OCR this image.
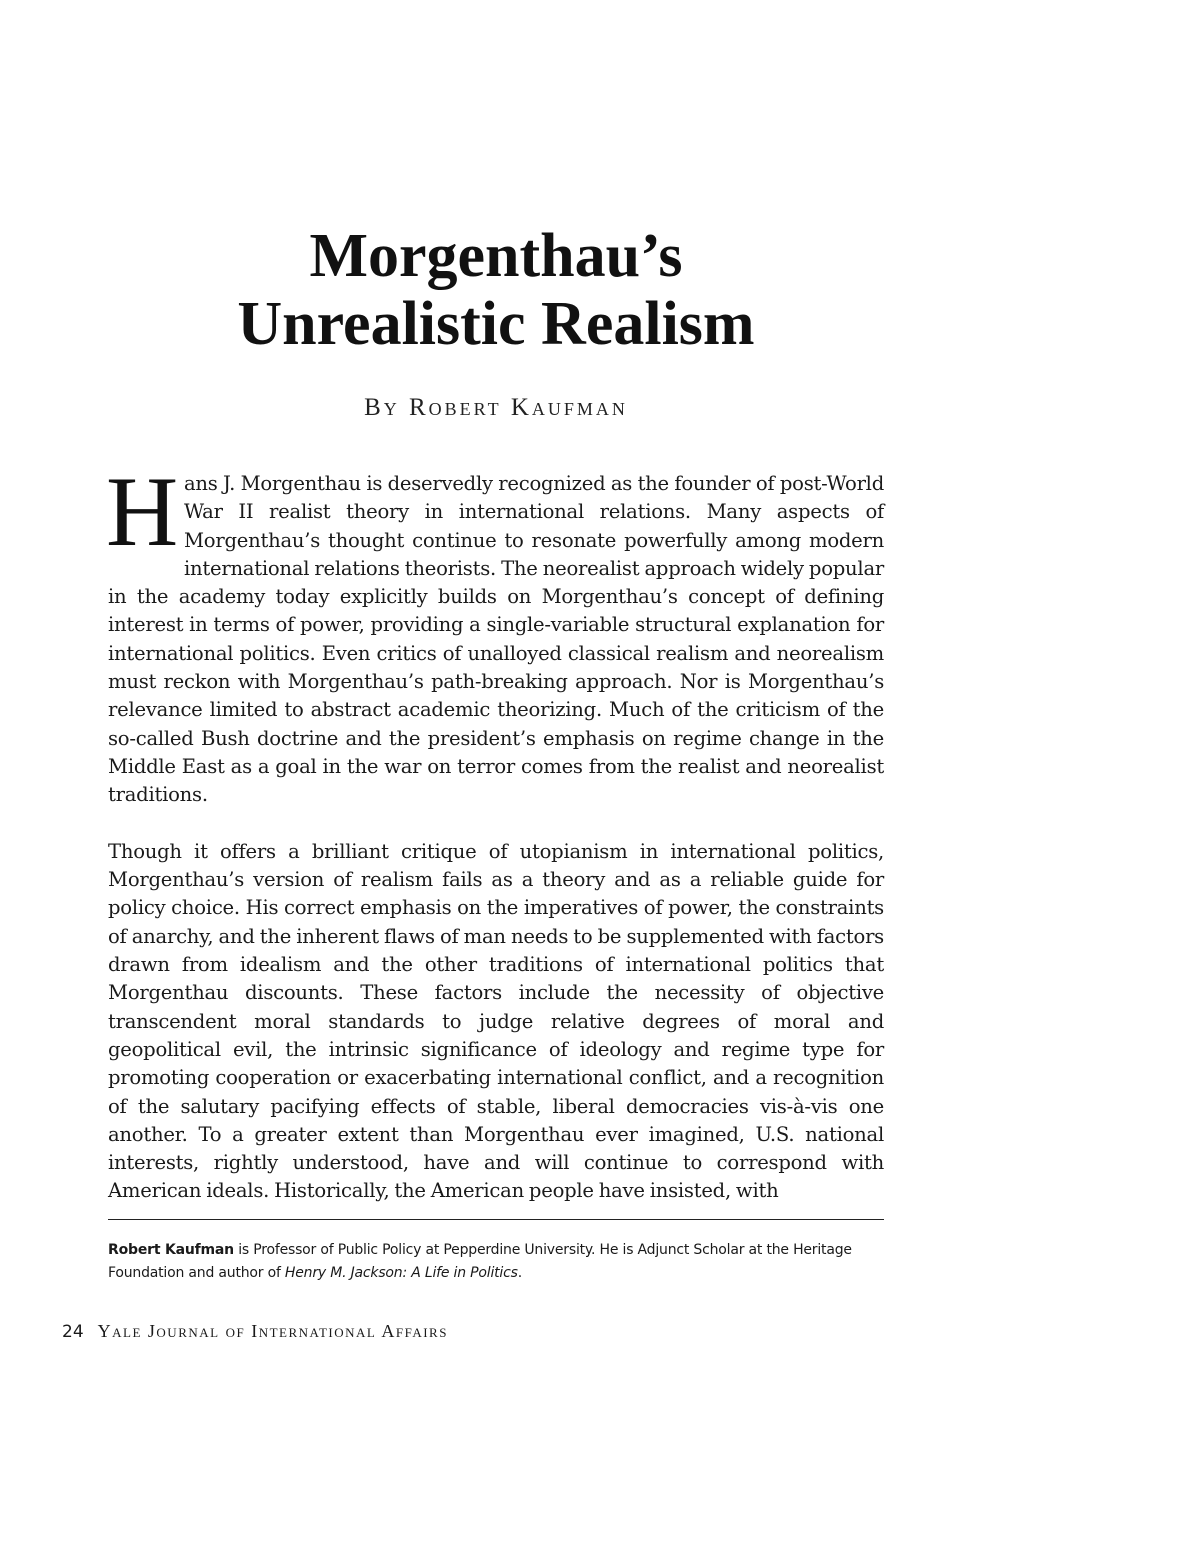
Morgenthau’s
Unrealistic Realism

By Robert Kaufman

Hans J. Morgenthau is deservedly recognized as the founder of post-World War II realist theory in international relations. Many aspects of Morgenthau’s thought continue to resonate powerfully among modern international relations theorists. The neorealist approach widely popular in the academy today explicitly builds on Morgenthau’s concept of defining interest in terms of power, providing a single-variable structural explanation for international politics. Even critics of unalloyed classical realism and neorealism must reckon with Morgenthau’s path-breaking approach. Nor is Morgenthau’s relevance limited to abstract academic theorizing. Much of the criticism of the so-called Bush doctrine and the president’s emphasis on regime change in the Middle East as a goal in the war on terror comes from the realist and neorealist traditions.

Though it offers a brilliant critique of utopianism in international politics, Morgenthau’s version of realism fails as a theory and as a reliable guide for policy choice. His correct emphasis on the imperatives of power, the constraints of anarchy, and the inherent flaws of man needs to be supplemented with factors drawn from idealism and the other traditions of international politics that Morgenthau discounts. These factors include the necessity of objective transcendent moral standards to judge relative degrees of moral and geopolitical evil, the intrinsic significance of ideology and regime type for promoting cooperation or exacerbating international conflict, and a recognition of the salutary pacifying effects of stable, liberal democracies vis-à-vis one another. To a greater extent than Morgenthau ever imagined, U.S. national interests, rightly understood, have and will continue to correspond with American ideals. Historically, the American people have insisted, with

Robert Kaufman is Professor of Public Policy at Pepperdine University. He is Adjunct Scholar at the Heritage Foundation and author of Henry M. Jackson: A Life in Politics.

24 Yale Journal of International Affairs
